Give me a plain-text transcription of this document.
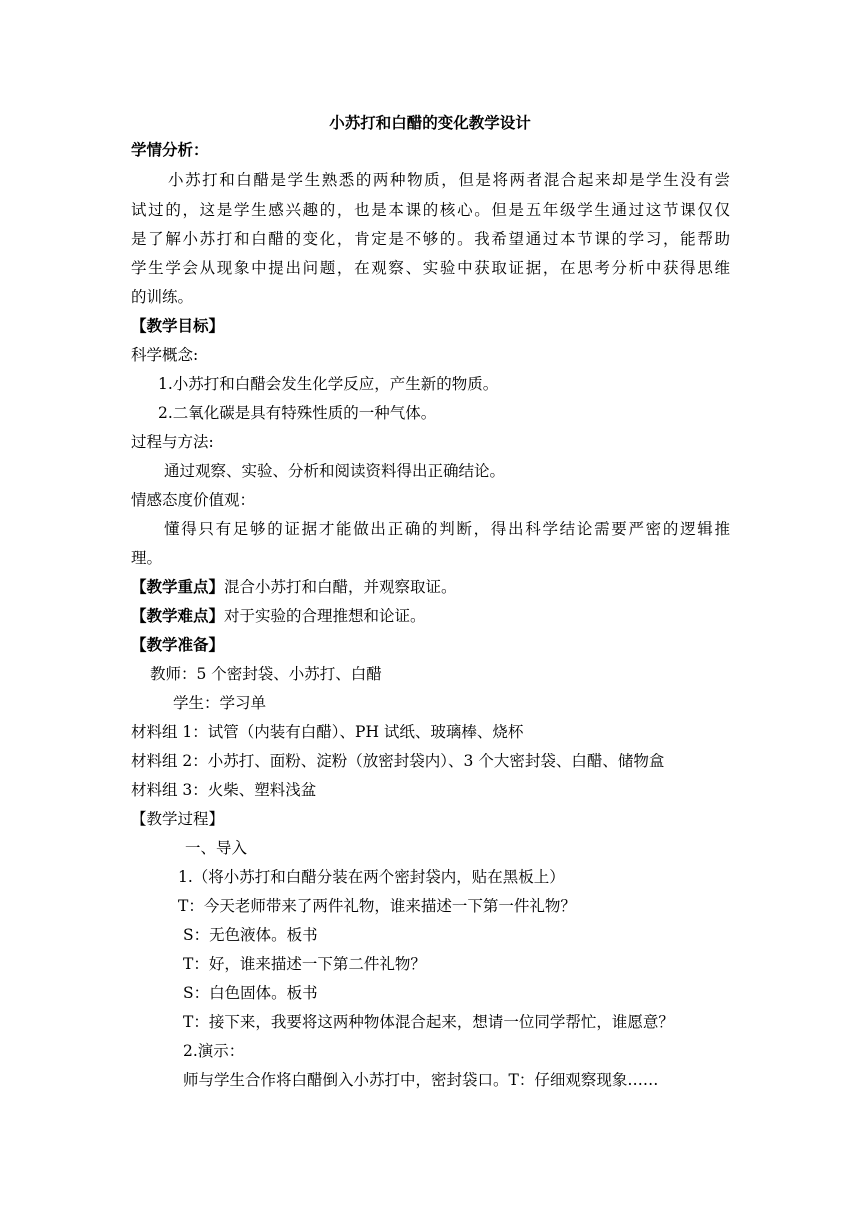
小苏打和白醋的变化教学设计
学情分析：
小苏打和白醋是学生熟悉的两种物质，但是将两者混合起来却是学生没有尝
试过的，这是学生感兴趣的，也是本课的核心。但是五年级学生通过这节课仅仅
是了解小苏打和白醋的变化，肯定是不够的。我希望通过本节课的学习，能帮助
学生学会从现象中提出问题，在观察、实验中获取证据，在思考分析中获得思维
的训练。
【教学目标】
科学概念:
1.小苏打和白醋会发生化学反应，产生新的物质。
2.二氧化碳是具有特殊性质的一种气体。
过程与方法:
通过观察、实验、分析和阅读资料得出正确结论。
情感态度价值观：
懂得只有足够的证据才能做出正确的判断，得出科学结论需要严密的逻辑推
理。
【教学重点】混合小苏打和白醋，并观察取证。
【教学难点】对于实验的合理推想和论证。
【教学准备】
教师：5 个密封袋、小苏打、白醋
学生：学习单
材料组 1：试管（内装有白醋）、PH 试纸、玻璃棒、烧杯
材料组 2：小苏打、面粉、淀粉（放密封袋内）、3 个大密封袋、白醋、储物盒
材料组 3：火柴、塑料浅盆
【教学过程】
一、导入
1.（将小苏打和白醋分装在两个密封袋内，贴在黑板上）
T：今天老师带来了两件礼物，谁来描述一下第一件礼物？
S：无色液体。板书
T：好，谁来描述一下第二件礼物？
S：白色固体。板书
T：接下来，我要将这两种物体混合起来，想请一位同学帮忙，谁愿意？
2.演示：
师与学生合作将白醋倒入小苏打中，密封袋口。T：仔细观察现象……
